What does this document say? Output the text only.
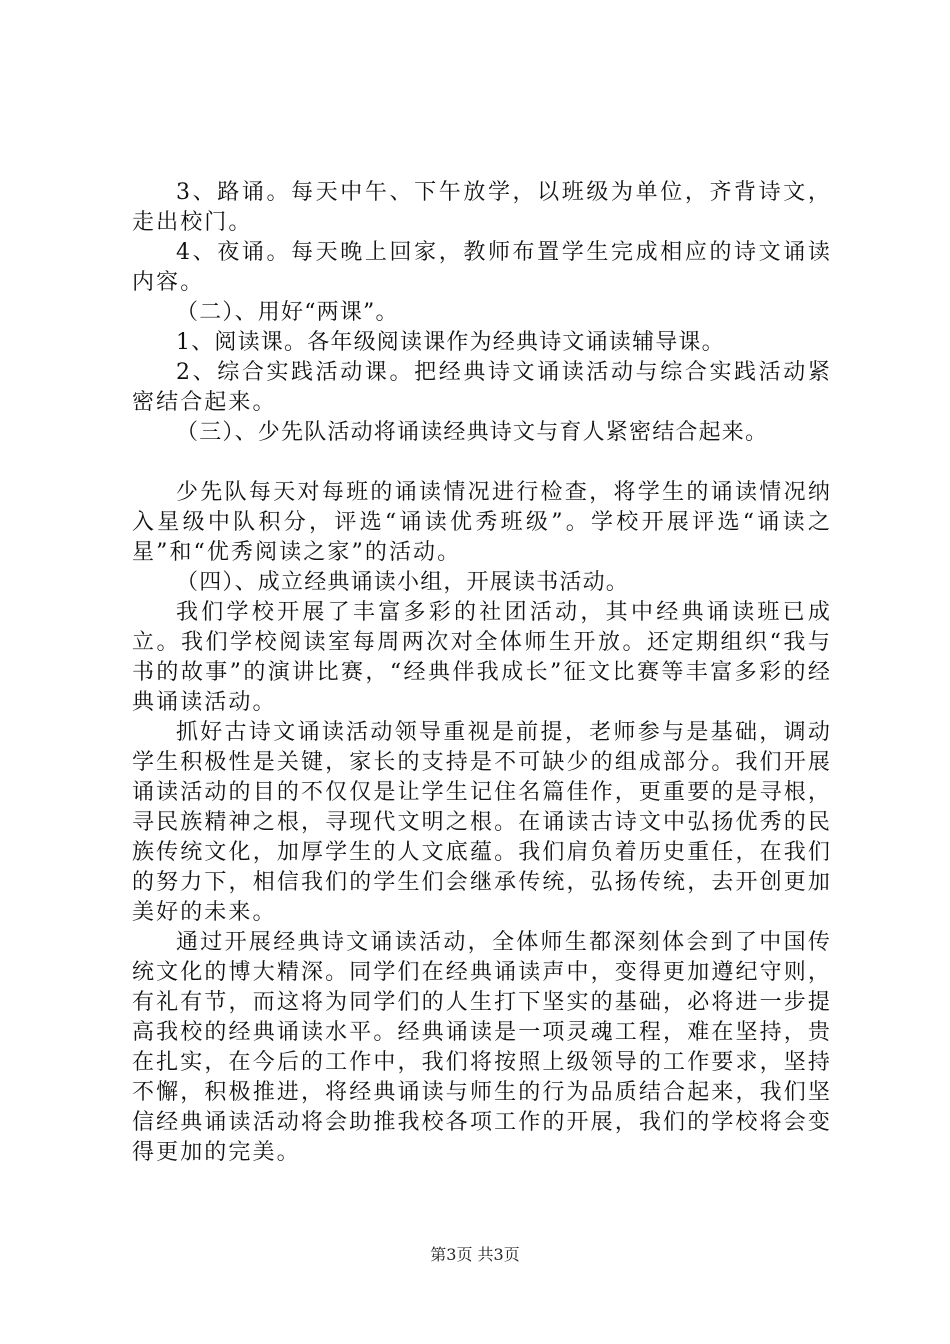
3、路诵。每天中午、下午放学，以班级为单位，齐背诗文，走出校门。

4、夜诵。每天晚上回家，教师布置学生完成相应的诗文诵读内容。

（二）、用好“两课”。

1、阅读课。各年级阅读课作为经典诗文诵读辅导课。

2、综合实践活动课。把经典诗文诵读活动与综合实践活动紧密结合起来。

（三）、少先队活动将诵读经典诗文与育人紧密结合起来。

少先队每天对每班的诵读情况进行检查，将学生的诵读情况纳入星级中队积分，评选“诵读优秀班级”。学校开展评选“诵读之星”和“优秀阅读之家”的活动。

（四）、成立经典诵读小组，开展读书活动。

我们学校开展了丰富多彩的社团活动，其中经典诵读班已成立。我们学校阅读室每周两次对全体师生开放。还定期组织“我与书的故事”的演讲比赛，“经典伴我成长”征文比赛等丰富多彩的经典诵读活动。

抓好古诗文诵读活动领导重视是前提，老师参与是基础，调动学生积极性是关键，家长的支持是不可缺少的组成部分。我们开展诵读活动的目的不仅仅是让学生记住名篇佳作，更重要的是寻根，寻民族精神之根，寻现代文明之根。在诵读古诗文中弘扬优秀的民族传统文化，加厚学生的人文底蕴。我们肩负着历史重任，在我们的努力下，相信我们的学生们会继承传统，弘扬传统，去开创更加美好的未来。

通过开展经典诗文诵读活动，全体师生都深刻体会到了中国传统文化的博大精深。同学们在经典诵读声中，变得更加遵纪守则，有礼有节，而这将为同学们的人生打下坚实的基础，必将进一步提高我校的经典诵读水平。经典诵读是一项灵魂工程，难在坚持，贵在扎实，在今后的工作中，我们将按照上级领导的工作要求，坚持不懈，积极推进，将经典诵读与师生的行为品质结合起来，我们坚信经典诵读活动将会助推我校各项工作的开展，我们的学校将会变得更加的完美。

第3页 共3页
